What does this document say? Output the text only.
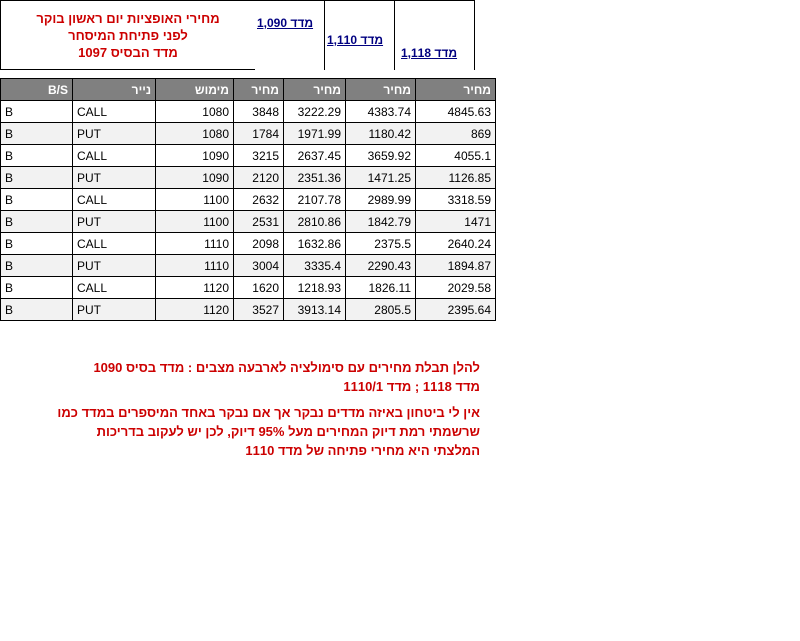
מחירי האופציות יום ראשון בוקר
לפני פתיחת המיסחר
מדד הבסיס 1097
מדד 1,090
מדד 1,110
מדד 1,118
B/S	נייר	מימוש	מחיר	מחיר	מחיר	מחיר
B	CALL	1080	3848	3222.29	4383.74	4845.63
B	PUT	1080	1784	1971.99	1180.42	869
B	CALL	1090	3215	2637.45	3659.92	4055.1
B	PUT	1090	2120	2351.36	1471.25	1126.85
B	CALL	1100	2632	2107.78	2989.99	3318.59
B	PUT	1100	2531	2810.86	1842.79	1471
B	CALL	1110	2098	1632.86	2375.5	2640.24
B	PUT	1110	3004	3335.4	2290.43	1894.87
B	CALL	1120	1620	1218.93	1826.11	2029.58
B	PUT	1120	3527	3913.14	2805.5	2395.64
להלן תבלת מחירים עם סימולציה לארבעה מצבים : מדד בסיס 1090
מדד 1118 ; מדד 1110/1
אין לי ביטחון באיזה מדדים נבקר אך אם נבקר באחד המיספרים במדד כמו
שרשמתי רמת דיוק המחירים מעל 95% דיוק, לכן יש לעקוב בדריכות
המלצתי היא מחירי פתיחה של מדד 1110
